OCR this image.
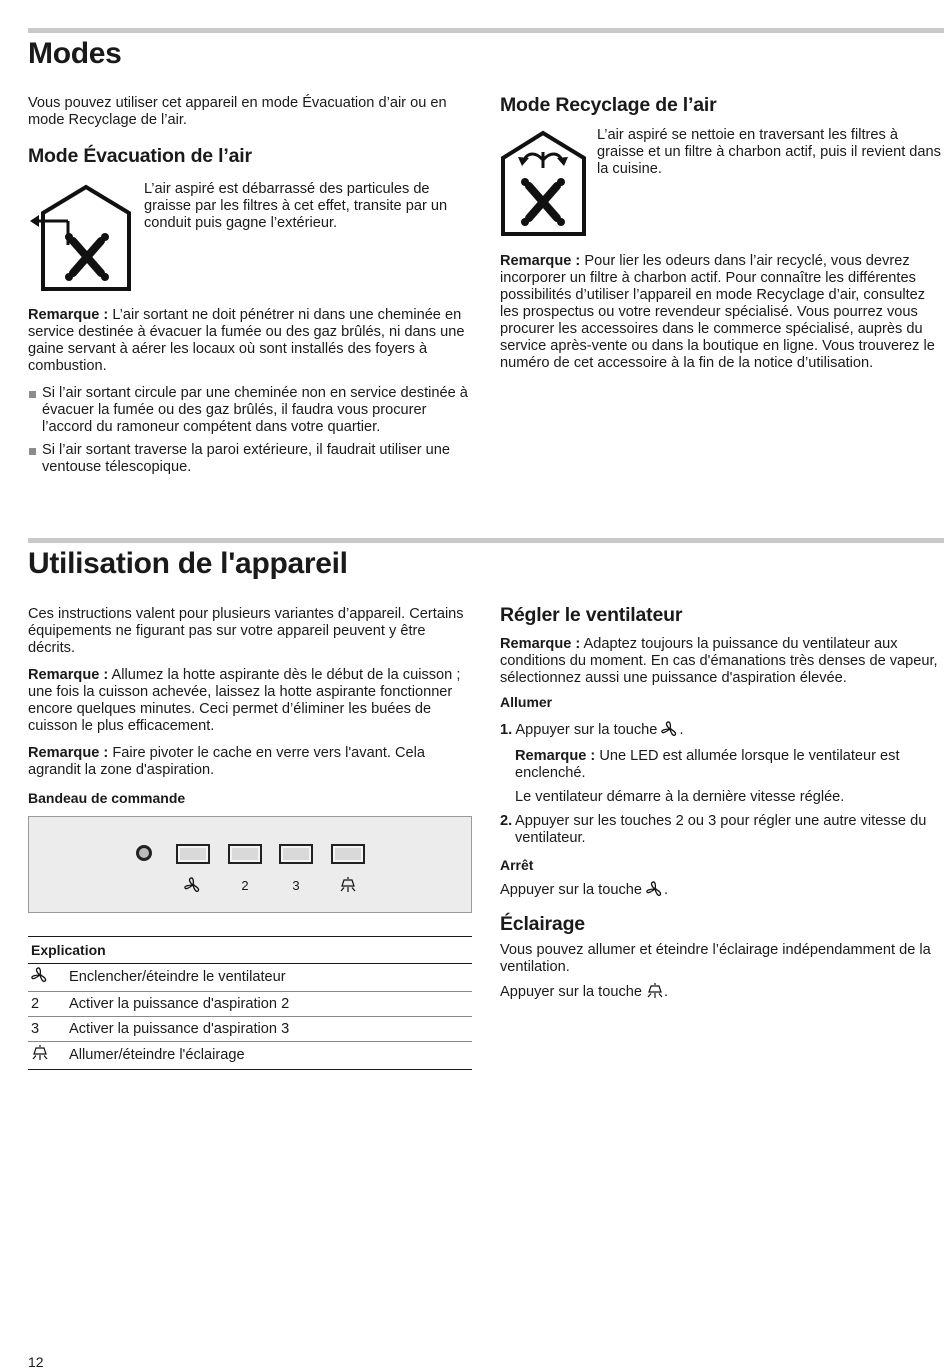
Modes
Vous pouvez utiliser cet appareil en mode Évacuation d’air ou en mode Recyclage de l’air.
Mode Évacuation de l’air
L’air aspiré est débarrassé des particules de graisse par les filtres à cet effet, transite par un conduit puis gagne l’extérieur.
Remarque : L’air sortant ne doit pénétrer ni dans une cheminée en service destinée à évacuer la fumée ou des gaz brûlés, ni dans une gaine servant à aérer les locaux où sont installés des foyers à combustion.
Si l’air sortant circule par une cheminée non en service destinée à évacuer la fumée ou des gaz brûlés, il faudra vous procurer l’accord du ramoneur compétent dans votre quartier.
Si l’air sortant traverse la paroi extérieure, il faudrait utiliser une ventouse télescopique.
Mode Recyclage de l’air
L’air aspiré se nettoie en traversant les filtres à graisse et un filtre à charbon actif, puis il revient dans la cuisine.
Remarque : Pour lier les odeurs dans l’air recyclé, vous devrez incorporer un filtre à charbon actif. Pour connaître les différentes possibilités d’utiliser l’appareil en mode Recyclage d’air, consultez les prospectus ou votre revendeur spécialisé. Vous pourrez vous procurer les accessoires dans le commerce spécialisé, auprès du service après-vente ou dans la boutique en ligne. Vous trouverez le numéro de cet accessoire à la fin de la notice d’utilisation.
Utilisation de l'appareil
Ces instructions valent pour plusieurs variantes d’appareil. Certains équipements ne figurant pas sur votre appareil peuvent y être décrits.
Remarque : Allumez la hotte aspirante dès le début de la cuisson ; une fois la cuisson achevée, laissez la hotte aspirante fonctionner encore quelques minutes. Ceci permet d’éliminer les buées de cuisson le plus efficacement.
Remarque : Faire pivoter le cache en verre vers l'avant. Cela agrandit la zone d'aspiration.
Bandeau de commande
2	3
Explication	
	Enclencher/éteindre le ventilateur
2	Activer la puissance d'aspiration 2
3	Activer la puissance d'aspiration 3
	Allumer/éteindre l'éclairage
Régler le ventilateur
Remarque : Adaptez toujours la puissance du ventilateur aux conditions du moment. En cas d'émanations très denses de vapeur, sélectionnez aussi une puissance d'aspiration élevée.
Allumer
1. Appuyer sur la touche .
Remarque : Une LED est allumée lorsque le ventilateur est enclenché.
Le ventilateur démarre à la dernière vitesse réglée.
2. Appuyer sur les touches 2 ou 3 pour régler une autre vitesse du ventilateur.
Arrêt
Appuyer sur la touche .
Éclairage
Vous pouvez allumer et éteindre l’éclairage indépendamment de la ventilation.
Appuyer sur la touche .
12
